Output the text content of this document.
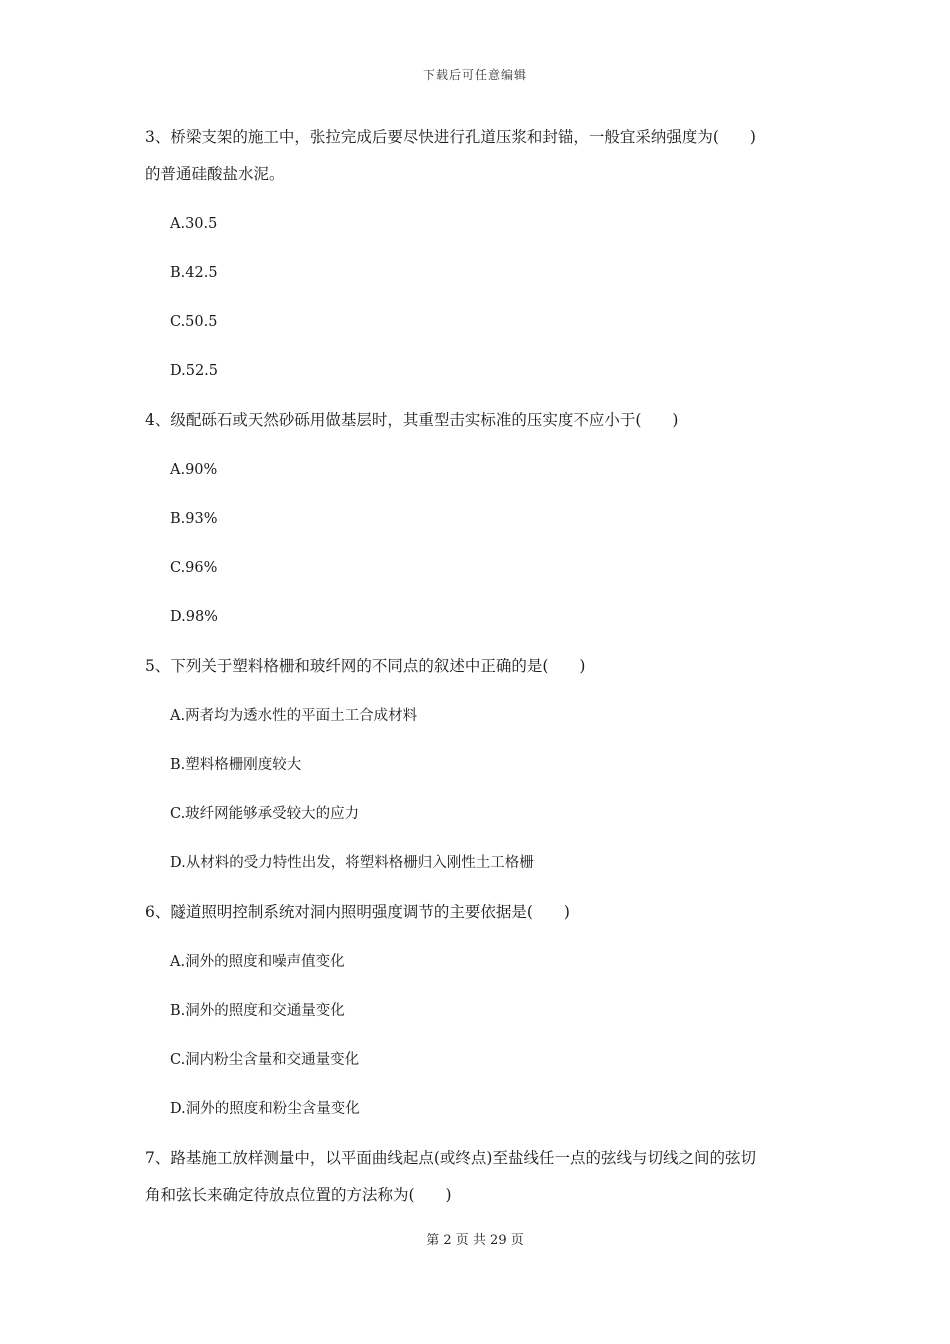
下载后可任意编辑
3、桥梁支架的施工中，张拉完成后要尽快进行孔道压浆和封锚，一般宜采纳强度为(　　)
的普通硅酸盐水泥。
A.30.5
B.42.5
C.50.5
D.52.5
4、级配砾石或天然砂砾用做基层时，其重型击实标准的压实度不应小于(　　)
A.90%
B.93%
C.96%
D.98%
5、下列关于塑料格栅和玻纤网的不同点的叙述中正确的是(　　)
A.两者均为透水性的平面土工合成材料
B.塑料格栅刚度较大
C.玻纤网能够承受较大的应力
D.从材料的受力特性出发，将塑料格栅归入刚性土工格栅
6、隧道照明控制系统对洞内照明强度调节的主要依据是(　　)
A.洞外的照度和噪声值变化
B.洞外的照度和交通量变化
C.洞内粉尘含量和交通量变化
D.洞外的照度和粉尘含量变化
7、路基施工放样测量中，以平面曲线起点(或终点)至盐线任一点的弦线与切线之间的弦切
角和弦长来确定待放点位置的方法称为(　　)
第 2 页 共 29 页
